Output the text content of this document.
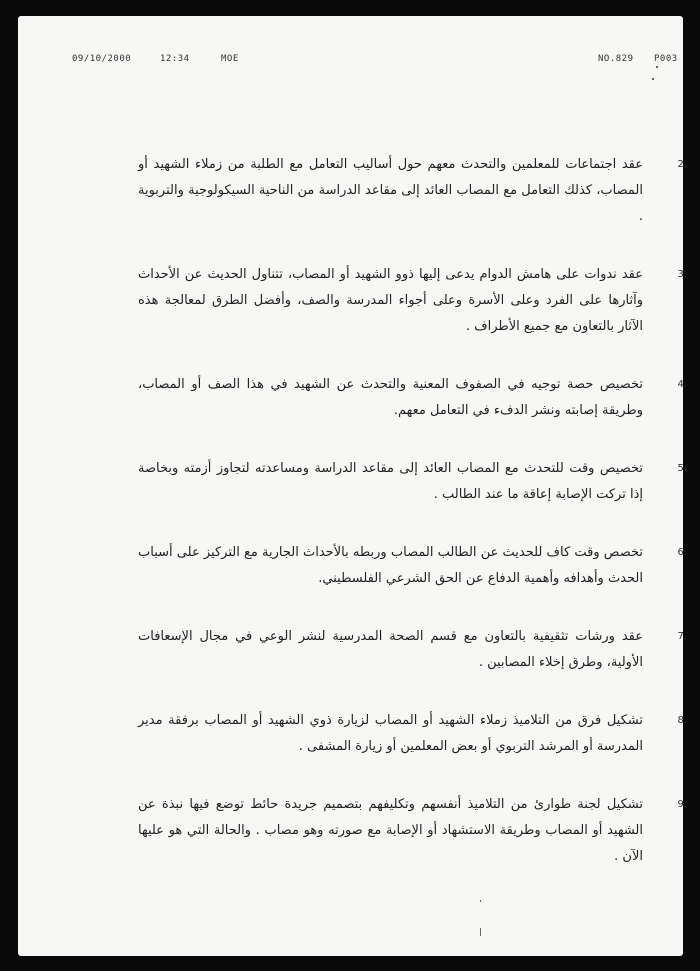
09/10/2000	12:34	MOE	NO.829 P003
2.
عقد اجتماعات للمعلمين والتحدث معهم حول أساليب التعامل مع الطلبة من زملاء الشهيد أو المصاب، كذلك التعامل مع المصاب العائد إلى مقاعد الدراسة من الناحية السيكولوجية والتربوية .
3.
عقد ندوات على هامش الدوام يدعى إليها ذوو الشهيد أو المصاب، تتناول الحديث عن الأحداث وآثارها على الفرد وعلى الأسرة وعلى أجواء المدرسة والصف، وأفضل الطرق لمعالجة هذه الآثار بالتعاون مع جميع الأطراف .
4.
تخصيص حصة توجيه في الصفوف المعنية والتحدث عن الشهيد في هذا الصف أو المصاب، وطريقة إصابته ونشر الدفء في التعامل معهم.
5.
تخصيص وقت للتحدث مع المصاب العائد إلى مقاعد الدراسة ومساعدته لتجاوز أزمته وبخاصة إذا تركت الإصابة إعاقة ما عند الطالب .
6.
تخصص وقت كاف للحديث عن الطالب المصاب وربطه بالأحداث الجارية مع التركيز على أسباب الحدث وأهدافه وأهمية الدفاع عن الحق الشرعي الفلسطيني.
7.
عقد ورشات تثقيفية بالتعاون مع قسم الصحة المدرسية لنشر الوعي في مجال الإسعافات الأولية، وطرق إخلاء المصابين .
8.
تشكيل فرق من التلاميذ زملاء الشهيد أو المصاب لزيارة ذوي الشهيد أو المصاب برفقة مدير المدرسة أو المرشد التربوي أو بعض المعلمين أو زيارة المشفى .
9.
تشكيل لجنة طوارئ من التلاميذ أنفسهم وتكليفهم بتصميم جريدة حائط توضع فيها نبذة عن الشهيد أو المصاب وطريقة الاستشهاد أو الإصابة مع صورته وهو مصاب . والحالة التي هو عليها الآن .
